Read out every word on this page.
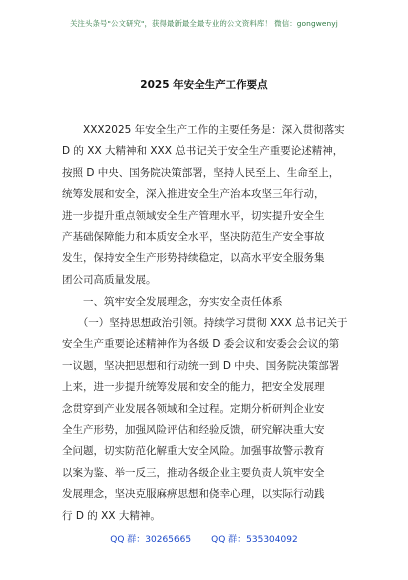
关注头条号"公文研究"，获得最新最全最专业的公文资料库！ 微信：gongwenyj
2025 年安全生产工作要点
　　XXX2025 年安全生产工作的主要任务是：深入贯彻落实
D 的 XX 大精神和 XXX 总书记关于安全生产重要论述精神，
按照 D 中央、国务院决策部署，坚持人民至上、生命至上，
统筹发展和安全，深入推进安全生产治本攻坚三年行动，
进一步提升重点领域安全生产管理水平，切实提升安全生
产基础保障能力和本质安全水平，坚决防范生产安全事故
发生，保持安全生产形势持续稳定，以高水平安全服务集
团公司高质量发展。
　　一、筑牢安全发展理念，夯实安全责任体系
　　（一）坚持思想政治引领。持续学习贯彻 XXX 总书记关于
安全生产重要论述精神作为各级 D 委会议和安委会会议的第
一议题，坚决把思想和行动统一到 D 中央、国务院决策部署
上来，进一步提升统筹发展和安全的能力，把安全发展理
念贯穿到产业发展各领域和全过程。定期分析研判企业安
全生产形势，加强风险评估和经验反馈，研究解决重大安
全问题，切实防范化解重大安全风险。加强事故警示教育
以案为鉴、举一反三，推动各级企业主要负责人筑牢安全
发展理念，坚决克服麻痹思想和侥幸心理，以实际行动践
行 D 的 XX 大精神。
QQ 群：30265665 QQ 群：535304092
